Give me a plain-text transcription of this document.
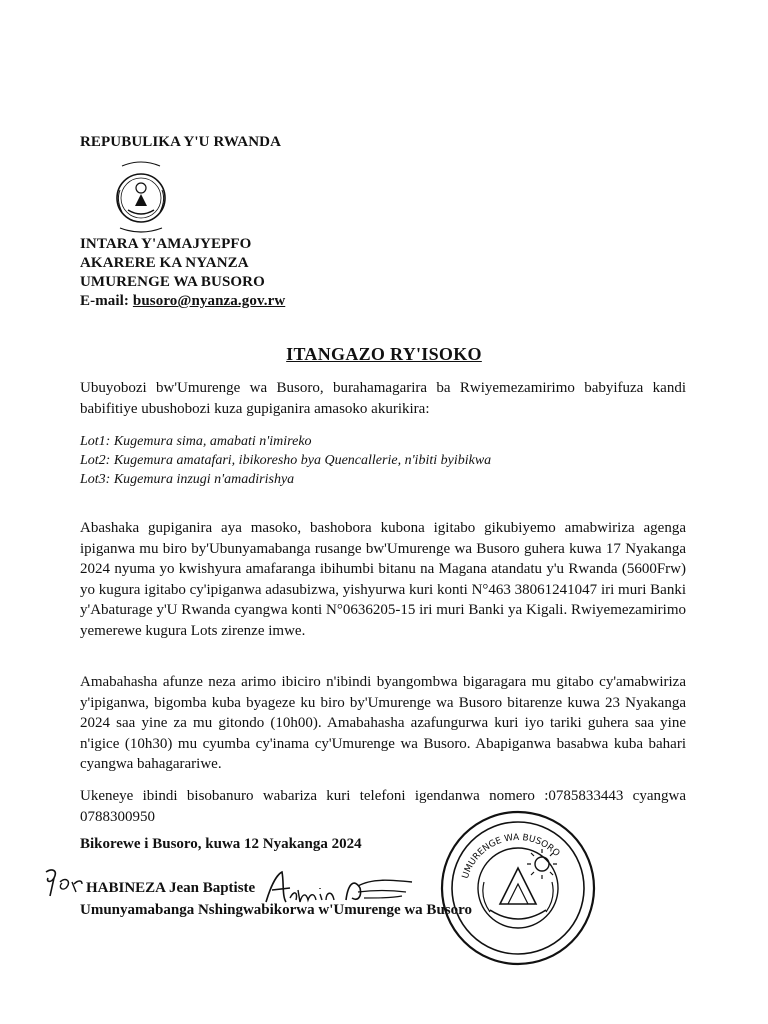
REPUBULIKA Y'U RWANDA
INTARA Y'AMAJYEPFO
AKARERE KA NYANZA
UMURENGE WA BUSORO
E-mail: busoro@nyanza.gov.rw
ITANGAZO RY'ISOKO
Ubuyobozi bw'Umurenge wa Busoro, burahamagarira ba Rwiyemezamirimo babyifuza kandi babifitiye ubushobozi kuza gupiganira amasoko akurikira:
Lot1: Kugemura sima, amabati n'imireko
Lot2: Kugemura amatafari, ibikoresho bya Quencallerie, n'ibiti byibikwa
Lot3: Kugemura inzugi n'amadirishya
Abashaka gupiganira aya masoko, bashobora kubona igitabo gikubiyemo amabwiriza agenga ipiganwa mu biro by'Ubunyamabanga rusange bw'Umurenge wa Busoro guhera kuwa 17 Nyakanga 2024 nyuma yo kwishyura amafaranga ibihumbi bitanu na Magana atandatu y'u Rwanda (5600Frw) yo kugura igitabo cy'ipiganwa adasubizwa, yishyurwa kuri konti N°463 38061241047 iri muri Banki y'Abaturage y'U Rwanda cyangwa konti N°0636205-15 iri muri Banki ya Kigali. Rwiyemezamirimo yemerewe kugura Lots zirenze imwe.
Amabahasha afunze neza arimo ibiciro n'ibindi byangombwa bigaragara mu gitabo cy'amabwiriza y'ipiganwa, bigomba kuba byageze ku biro by'Umurenge wa Busoro bitarenze kuwa 23 Nyakanga 2024 saa yine za mu gitondo (10h00). Amabahasha azafungurwa kuri iyo tariki guhera saa yine n'igice (10h30) mu cyumba cy'inama cy'Umurenge wa Busoro. Abapiganwa basabwa kuba bahari cyangwa bahagarariwe.
Ukeneye ibindi bisobanuro wabariza kuri telefoni igendanwa nomero :0785833443 cyangwa 0788300950
Bikorewe i Busoro, kuwa 12 Nyakanga 2024
HABINEZA Jean Baptiste
Umunyamabanga Nshingwabikorwa w'Umurenge wa Busoro
UMURENGE WA BUSORO
